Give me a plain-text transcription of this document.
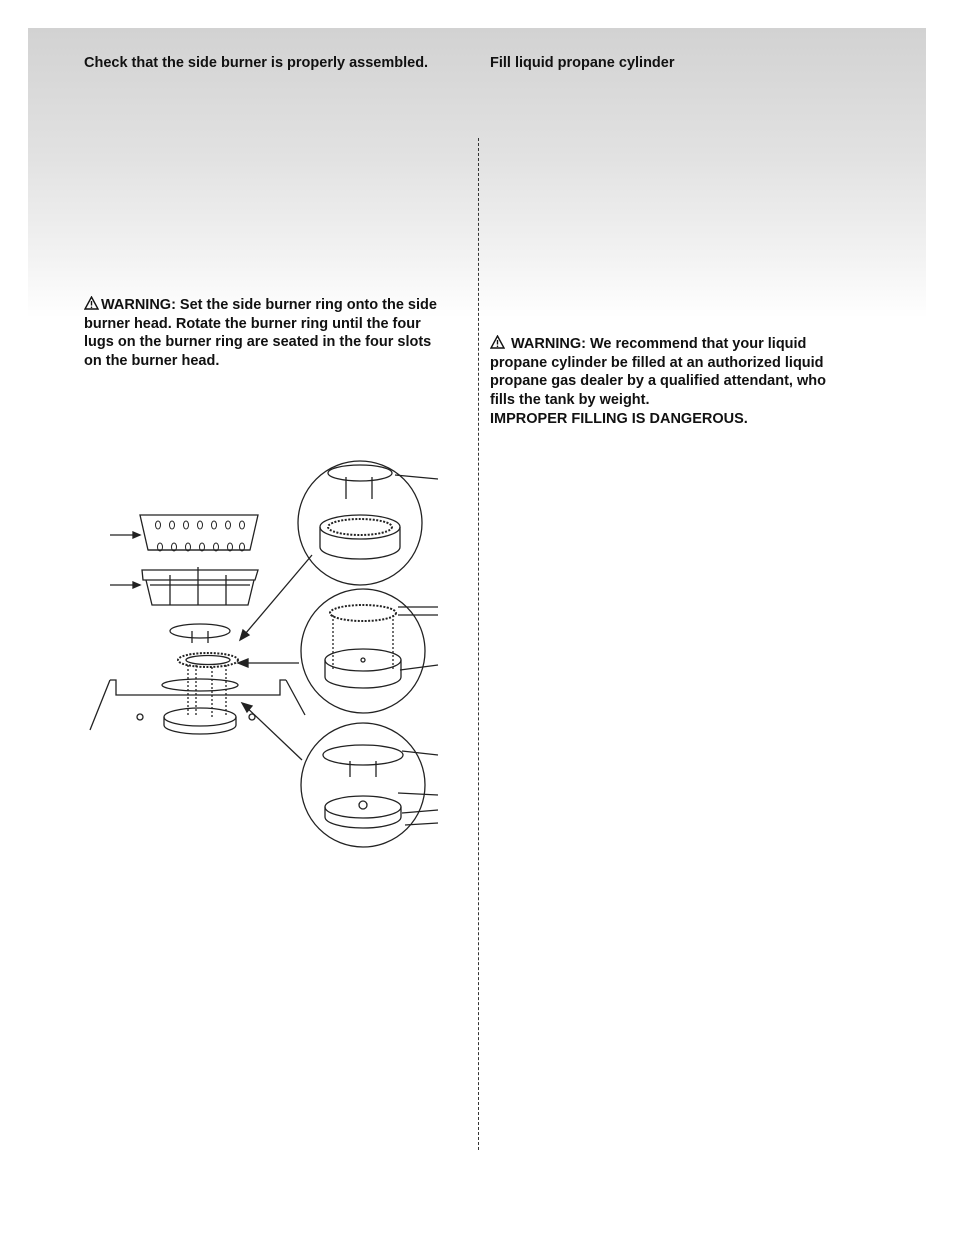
Check that the side burner is properly assembled.	Fill liquid propane cylinder

WARNING: Set the side burner ring onto the side
burner head. Rotate the burner ring until the four
lugs on the burner ring are seated in the four slots
on the burner head.
WARNING: We recommend that your liquid
propane cylinder be filled at an authorized liquid
propane gas dealer by a qualified attendant, who
fills the tank by weight.
IMPROPER FILLING IS DANGEROUS.
